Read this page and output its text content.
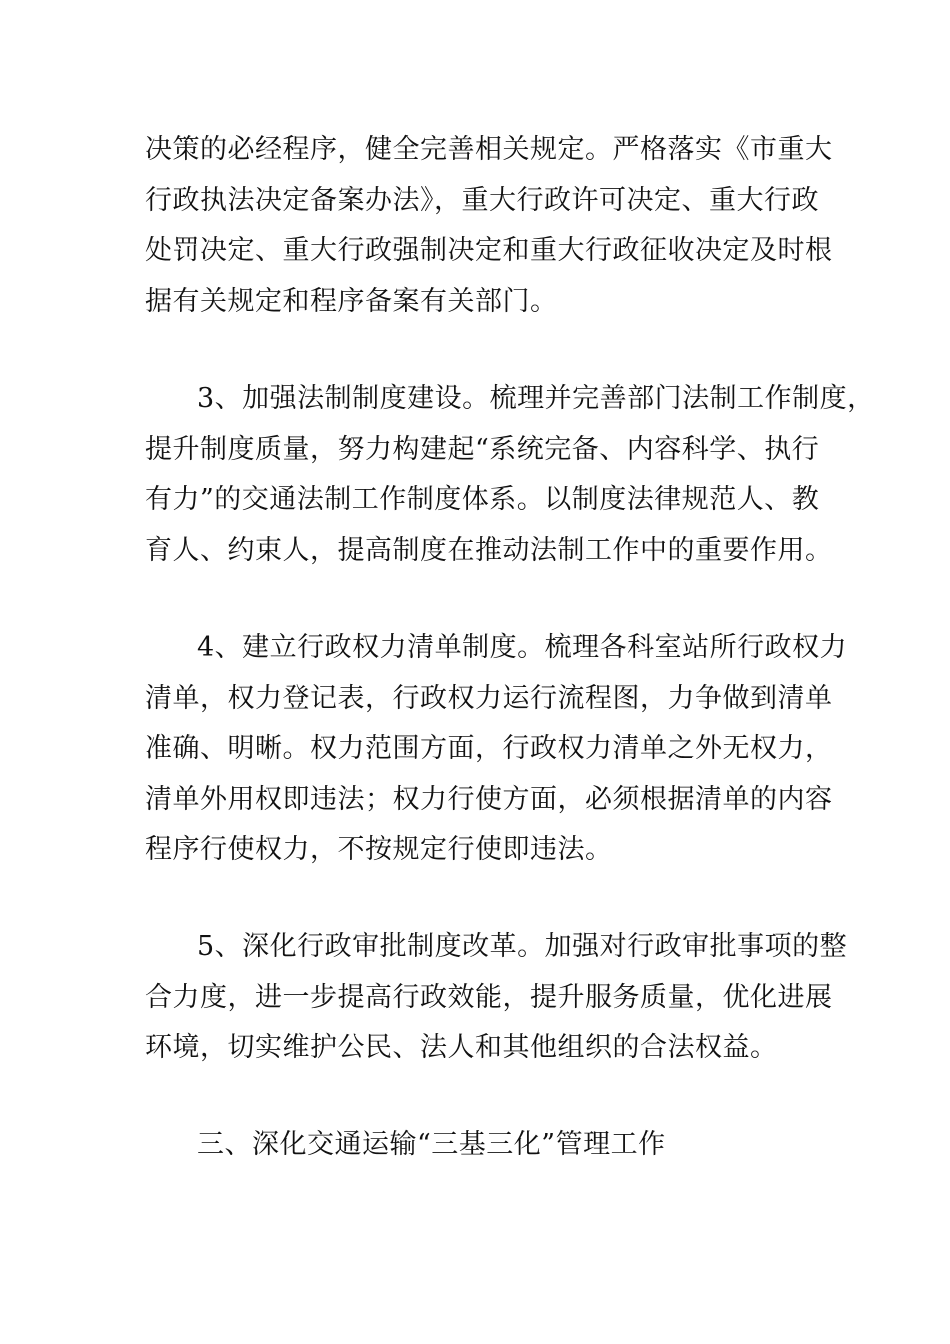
决策的必经程序，健全完善相关规定。严格落实《市重大
行政执法决定备案办法》，重大行政许可决定、重大行政
处罚决定、重大行政强制决定和重大行政征收决定及时根
据有关规定和程序备案有关部门。

3、加强法制制度建设。梳理并完善部门法制工作制度，
提升制度质量，努力构建起“系统完备、内容科学、执行
有力”的交通法制工作制度体系。以制度法律规范人、教
育人、约束人，提高制度在推动法制工作中的重要作用。

4、建立行政权力清单制度。梳理各科室站所行政权力
清单，权力登记表，行政权力运行流程图，力争做到清单
准确、明晰。权力范围方面，行政权力清单之外无权力，
清单外用权即违法；权力行使方面，必须根据清单的内容
程序行使权力，不按规定行使即违法。

5、深化行政审批制度改革。加强对行政审批事项的整
合力度，进一步提高行政效能，提升服务质量，优化进展
环境，切实维护公民、法人和其他组织的合法权益。

三、深化交通运输“三基三化”管理工作
